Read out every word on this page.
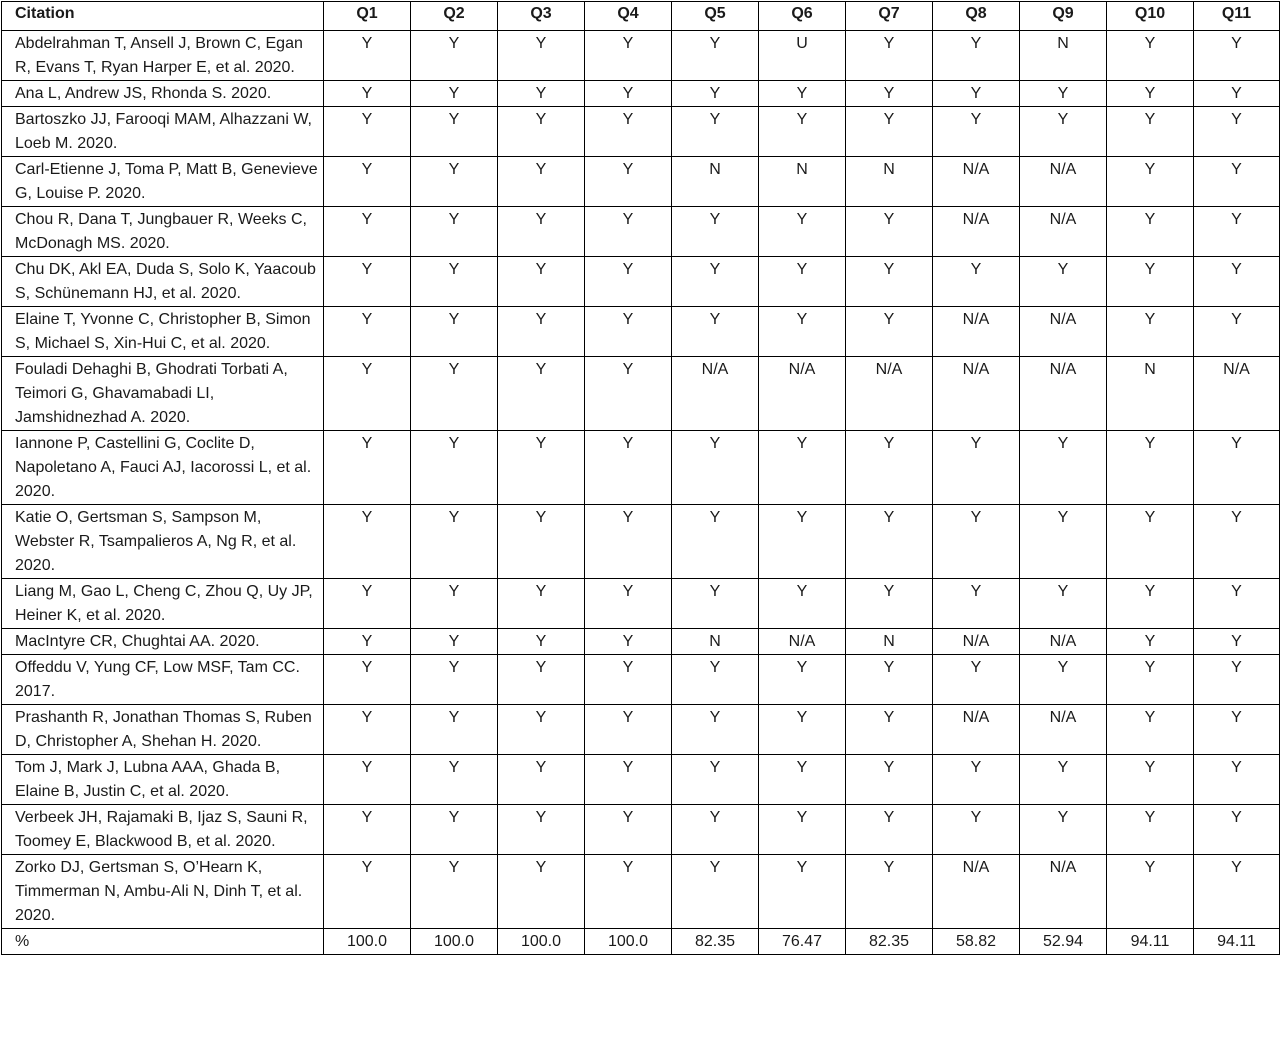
Citation	Q1	Q2	Q3	Q4	Q5	Q6	Q7	Q8	Q9	Q10	Q11
Abdelrahman T, Ansell J, Brown C, Egan R, Evans T, Ryan Harper E, et al. 2020.	Y	Y	Y	Y	Y	U	Y	Y	N	Y	Y
Ana L, Andrew JS, Rhonda S. 2020.	Y	Y	Y	Y	Y	Y	Y	Y	Y	Y	Y
Bartoszko JJ, Farooqi MAM, Alhazzani W, Loeb M. 2020.	Y	Y	Y	Y	Y	Y	Y	Y	Y	Y	Y
Carl-Etienne J, Toma P, Matt B, Genevieve G, Louise P. 2020.	Y	Y	Y	Y	N	N	N	N/A	N/A	Y	Y
Chou R, Dana T, Jungbauer R, Weeks C, McDonagh MS. 2020.	Y	Y	Y	Y	Y	Y	Y	N/A	N/A	Y	Y
Chu DK, Akl EA, Duda S, Solo K, Yaacoub S, Schünemann HJ, et al. 2020.	Y	Y	Y	Y	Y	Y	Y	Y	Y	Y	Y
Elaine T, Yvonne C, Christopher B, Simon S, Michael S, Xin-Hui C, et al. 2020.	Y	Y	Y	Y	Y	Y	Y	N/A	N/A	Y	Y
Fouladi Dehaghi B, Ghodrati Torbati A, Teimori G, Ghavamabadi LI, Jamshidnezhad A. 2020.	Y	Y	Y	Y	N/A	N/A	N/A	N/A	N/A	N	N/A
Iannone P, Castellini G, Coclite D, Napoletano A, Fauci AJ, Iacorossi L, et al. 2020.	Y	Y	Y	Y	Y	Y	Y	Y	Y	Y	Y
Katie O, Gertsman S, Sampson M, Webster R, Tsampalieros A, Ng R, et al. 2020.	Y	Y	Y	Y	Y	Y	Y	Y	Y	Y	Y
Liang M, Gao L, Cheng C, Zhou Q, Uy JP, Heiner K, et al. 2020.	Y	Y	Y	Y	Y	Y	Y	Y	Y	Y	Y
MacIntyre CR, Chughtai AA. 2020.	Y	Y	Y	Y	N	N/A	N	N/A	N/A	Y	Y
Offeddu V, Yung CF, Low MSF, Tam CC. 2017.	Y	Y	Y	Y	Y	Y	Y	Y	Y	Y	Y
Prashanth R, Jonathan Thomas S, Ruben D, Christopher A, Shehan H. 2020.	Y	Y	Y	Y	Y	Y	Y	N/A	N/A	Y	Y
Tom J, Mark J, Lubna AAA, Ghada B, Elaine B, Justin C, et al. 2020.	Y	Y	Y	Y	Y	Y	Y	Y	Y	Y	Y
Verbeek JH, Rajamaki B, Ijaz S, Sauni R, Toomey E, Blackwood B, et al. 2020.	Y	Y	Y	Y	Y	Y	Y	Y	Y	Y	Y
Zorko DJ, Gertsman S, O’Hearn K, Timmerman N, Ambu-Ali N, Dinh T, et al. 2020.	Y	Y	Y	Y	Y	Y	Y	N/A	N/A	Y	Y
%	100.0	100.0	100.0	100.0	82.35	76.47	82.35	58.82	52.94	94.11	94.11
